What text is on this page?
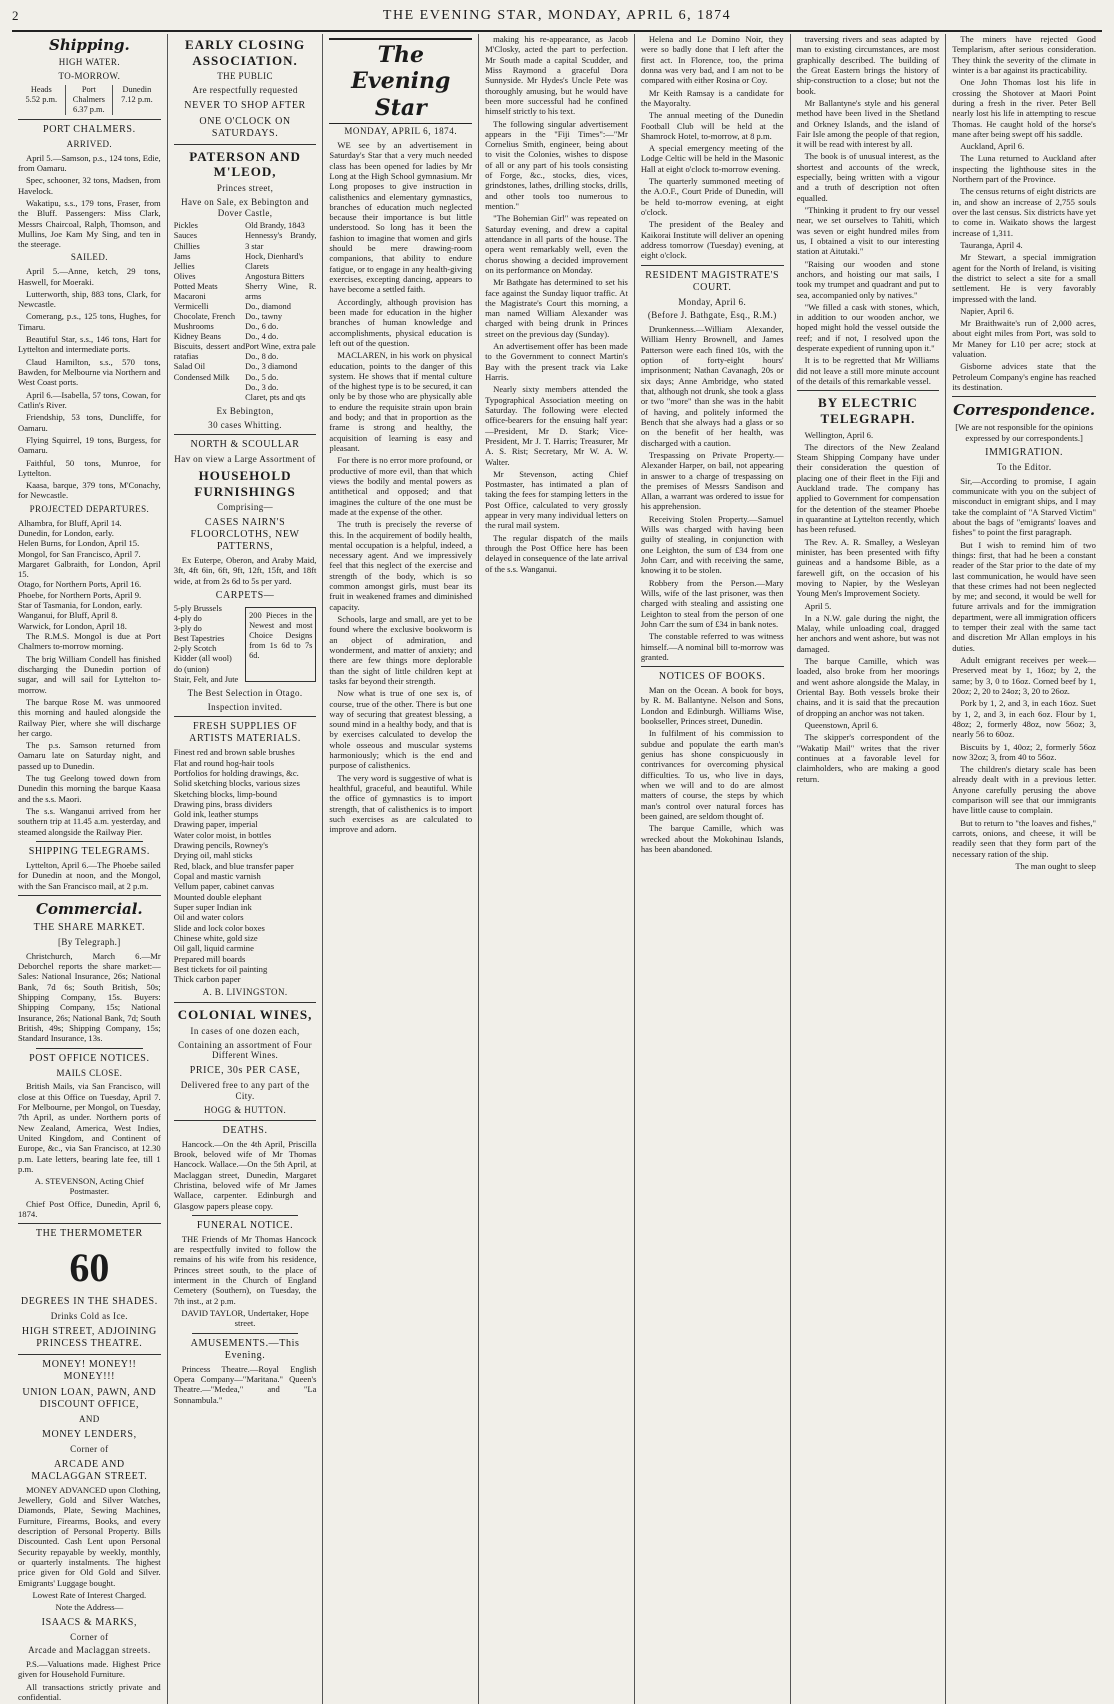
2	THE EVENING STAR, MONDAY, APRIL 6, 1874
Shipping.
HIGH WATER.
TO-MORROW.
Heads
5.52 p.m.
Port Chalmers
6.37 p.m.
Dunedin
7.12 p.m.
PORT CHALMERS.
ARRIVED.

April 5.—Samson, p.s., 124 tons, Edie, from Oamaru.

Spec, schooner, 32 tons, Madsen, from Havelock.

Wakatipu, s.s., 179 tons, Fraser, from the Bluff. Passengers: Miss Clark, Messrs Chaircoal, Ralph, Thomson, and Mullins, Joe Kam My Sing, and ten in the steerage.

SAILED.

April 5.—Anne, ketch, 29 tons, Haswell, for Moeraki.

Lutterworth, ship, 883 tons, Clark, for Newcastle.

Comerang, p.s., 125 tons, Hughes, for Timaru.

Beautiful Star, s.s., 146 tons, Hart for Lyttelton and intermediate ports.

Claud Hamilton, s.s., 570 tons, Bawden, for Melbourne via Northern and West Coast ports.

April 6.—Isabella, 57 tons, Cowan, for Catlin's River.

Friendship, 53 tons, Duncliffe, for Oamaru.

Flying Squirrel, 19 tons, Burgess, for Oamaru.

Faithful, 50 tons, Munroe, for Lyttelton.

Kaasa, barque, 379 tons, M'Conachy, for Newcastle.

PROJECTED DEPARTURES.
Alhambra, for Bluff, April 14.
Dunedin, for London, early.
Helen Burns, for London, April 15.
Mongol, for San Francisco, April 7.
Margaret Galbraith, for London, April 15.
Otago, for Northern Ports, April 16.
Phoebe, for Northern Ports, April 9.
Star of Tasmania, for London, early.
Wanganui, for Bluff, April 8.
Warwick, for London, April 18.

The R.M.S. Mongol is due at Port Chalmers to-morrow morning.

The brig William Condell has finished discharging the Dunedin portion of sugar, and will sail for Lyttelton to-morrow.

The barque Rose M. was unmoored this morning and hauled alongside the Railway Pier, where she will discharge her cargo.

The p.s. Samson returned from Oamaru late on Saturday night, and passed up to Dunedin.

The tug Geelong towed down from Dunedin this morning the barque Kaasa and the s.s. Maori.

The s.s. Wanganui arrived from her southern trip at 11.45 a.m. yesterday, and steamed alongside the Railway Pier.

SHIPPING TELEGRAMS.

Lyttelton, April 6.—The Phoebe sailed for Dunedin at noon, and the Mongol, with the San Francisco mail, at 2 p.m.

Commercial.
THE SHARE MARKET.
[By Telegraph.]

Christchurch, March 6.—Mr Deborchel reports the share market:—Sales: National Insurance, 26s; National Bank, 7d 6s; South British, 50s; Shipping Company, 15s. Buyers: Shipping Company, 15s; National Insurance, 26s; National Bank, 7d; South British, 49s; Shipping Company, 15s; Standard Insurance, 13s.

POST OFFICE NOTICES.
MAILS CLOSE.

British Mails, via San Francisco, will close at this Office on Tuesday, April 7. For Melbourne, per Mongol, on Tuesday, 7th April, as under. Northern ports of New Zealand, America, West Indies, United Kingdom, and Continent of Europe, &c., via San Francisco, at 12.30 p.m. Late letters, bearing late fee, till 1 p.m.

A. STEVENSON, Acting Chief Postmaster.

Chief Post Office, Dunedin, April 6, 1874.

THE THERMOMETER
60
DEGREES IN THE SHADES.
Drinks Cold as Ice.
HIGH STREET, ADJOINING PRINCESS THEATRE.
MONEY! MONEY!! MONEY!!!
UNION LOAN, PAWN, AND DISCOUNT OFFICE,
AND
MONEY LENDERS,
Corner of
ARCADE AND MACLAGGAN STREET.

MONEY ADVANCED upon Clothing, Jewellery, Gold and Silver Watches, Diamonds, Plate, Sewing Machines, Furniture, Firearms, Books, and every description of Personal Property. Bills Discounted. Cash Lent upon Personal Security repayable by weekly, monthly, or quarterly instalments. The highest price given for Old Gold and Silver. Emigrants' Luggage bought.

Lowest Rate of Interest Charged.

Note the Address—

ISAACS & MARKS,
Corner of
Arcade and Maclaggan streets.

P.S.—Valuations made. Highest Price given for Household Furniture.

All transactions strictly private and confidential.

EARLY CLOSING ASSOCIATION.
THE PUBLIC
Are respectfully requested
NEVER TO SHOP AFTER
ONE O'CLOCK ON SATURDAYS.
PATERSON AND M'LEOD,
Princes street,
Have on Sale, ex Bebington and Dover Castle,
Pickles
Sauces
Chillies
Jams
Jellies
Olives
Potted Meats
Macaroni
Vermicelli
Chocolate, French
Mushrooms
Kidney Beans
Biscuits, dessert and ratafias
Salad Oil
Condensed Milk
Old Brandy, 1843
Hennessy's Brandy, 3 star
Hock, Dienhard's
Clarets
Angostura Bitters
Sherry Wine, R. arms
Do., diamond
Do., tawny
Do., 6 do.
Do., 4 do.
Port Wine, extra pale
Do., 8 do.
Do., 3 diamond
Do., 5 do.
Do., 3 do.
Claret, pts and qts
Ex Bebington,
30 cases Whitting.
NORTH & SCOULLAR
Hav on view a Large Assortment of
HOUSEHOLD FURNISHINGS
Comprising—
CASES NAIRN'S FLOORCLOTHS, NEW PATTERNS,

Ex Euterpe, Oberon, and Araby Maid, 3ft, 4ft 6in, 6ft, 9ft, 12ft, 15ft, and 18ft wide, at from 2s 6d to 5s per yard.

CARPETS—
5-ply Brussels
4-ply do
3-ply do
Best Tapestries
2-ply Scotch
Kidder (all wool)
do (union)
Stair, Felt, and Jute
200 Pieces in the Newest and most Choice Designs from 1s 6d to 7s 6d.
The Best Selection in Otago.
Inspection invited.
FRESH SUPPLIES OF ARTISTS MATERIALS.
Finest red and brown sable brushes
Flat and round hog-hair tools
Portfolios for holding drawings, &c.
Solid sketching blocks, various sizes
Sketching blocks, limp-bound
Drawing pins, brass dividers
Gold ink, leather stumps
Drawing paper, imperial
Water color moist, in bottles
Drawing pencils, Rowney's
Drying oil, mahl sticks
Red, black, and blue transfer paper
Copal and mastic varnish
Vellum paper, cabinet canvas
Mounted double elephant
Super super Indian ink
Oil and water colors
Slide and lock color boxes
Chinese white, gold size
Oil gall, liquid carmine
Prepared mill boards
Best tickets for oil painting
Thick carbon paper
A. B. LIVINGSTON.
COLONIAL WINES,
In cases of one dozen each,
Containing an assortment of Four Different Wines.
PRICE, 30s PER CASE,
Delivered free to any part of the City.
HOGG & HUTTON.
DEATHS.

Hancock.—On the 4th April, Priscilla Brook, beloved wife of Mr Thomas Hancock. Wallace.—On the 5th April, at Maclaggan street, Dunedin, Margaret Christina, beloved wife of Mr James Wallace, carpenter. Edinburgh and Glasgow papers please copy.

FUNERAL NOTICE.

THE Friends of Mr Thomas Hancock are respectfully invited to follow the remains of his wife from his residence, Princes street south, to the place of interment in the Church of England Cemetery (Southern), on Tuesday, the 7th inst., at 2 p.m.

DAVID TAYLOR, Undertaker, Hope street.

AMUSEMENTS.—This Evening.

Princess Theatre.—Royal English Opera Company—"Maritana." Queen's Theatre.—"Medea," and "La Sonnambula."

The Evening Star
MONDAY, APRIL 6, 1874.

WE see by an advertisement in Saturday's Star that a very much needed class has been opened for ladies by Mr Long at the High School gymnasium. Mr Long proposes to give instruction in calisthenics and elementary gymnastics, branches of education much neglected because their importance is but little understood. So long has it been the fashion to imagine that women and girls should be mere drawing-room companions, that ability to endure fatigue, or to engage in any health-giving exercises, excepting dancing, appears to have become a settled faith.

Accordingly, although provision has been made for education in the higher branches of human knowledge and accomplishments, physical education is left out of the question.

MACLAREN, in his work on physical education, points to the danger of this system. He shows that if mental culture of the highest type is to be secured, it can only be by those who are physically able to endure the requisite strain upon brain and body; and that in proportion as the frame is strong and healthy, the acquisition of learning is easy and pleasant.

For there is no error more profound, or productive of more evil, than that which views the bodily and mental powers as antithetical and opposed; and that imagines the culture of the one must be made at the expense of the other.

The truth is precisely the reverse of this. In the acquirement of bodily health, mental occupation is a helpful, indeed, a necessary agent. And we impressively feel that this neglect of the exercise and strength of the body, which is so common amongst girls, must bear its fruit in weakened frames and diminished capacity.

Schools, large and small, are yet to be found where the exclusive bookworm is an object of admiration, and wonderment, and matter of anxiety; and there are few things more deplorable than the sight of little children kept at tasks far beyond their strength.

Now what is true of one sex is, of course, true of the other. There is but one way of securing that greatest blessing, a sound mind in a healthy body, and that is by exercises calculated to develop the whole osseous and muscular systems harmoniously; which is the end and purpose of calisthenics.

The very word is suggestive of what is healthful, graceful, and beautiful. While the office of gymnastics is to import strength, that of calisthenics is to import such exercises as are calculated to improve and adorn.

making his re-appearance, as Jacob M'Closky, acted the part to perfection. Mr South made a capital Scudder, and Miss Raymond a graceful Dora Sunnyside. Mr Hydes's Uncle Pete was thoroughly amusing, but he would have been more successful had he confined himself strictly to his text.

The following singular advertisement appears in the "Fiji Times":—"Mr Cornelius Smith, engineer, being about to visit the Colonies, wishes to dispose of all or any part of his tools consisting of Forge, &c., stocks, dies, vices, grindstones, lathes, drilling stocks, drills, and other tools too numerous to mention."

"The Bohemian Girl" was repeated on Saturday evening, and drew a capital attendance in all parts of the house. The opera went remarkably well, even the chorus showing a decided improvement on its performance on Monday.

Mr Bathgate has determined to set his face against the Sunday liquor traffic. At the Magistrate's Court this morning, a man named William Alexander was charged with being drunk in Princes street on the previous day (Sunday).

An advertisement offer has been made to the Government to connect Martin's Bay with the present track via Lake Harris.

Nearly sixty members attended the Typographical Association meeting on Saturday. The following were elected office-bearers for the ensuing half year:—President, Mr D. Stark; Vice-President, Mr J. T. Harris; Treasurer, Mr A. S. Rist; Secretary, Mr W. A. W. Walter.

Mr Stevenson, acting Chief Postmaster, has intimated a plan of taking the fees for stamping letters in the Post Office, calculated to very grossly appear in very many individual letters on the rural mail system.

The regular dispatch of the mails through the Post Office here has been delayed in consequence of the late arrival of the s.s. Wanganui.

Helena and Le Domino Noir, they were so badly done that I left after the first act. In Florence, too, the prima donna was very bad, and I am not to be compared with either Rosina or Coy.

Mr Keith Ramsay is a candidate for the Mayoralty.

The annual meeting of the Dunedin Football Club will be held at the Shamrock Hotel, to-morrow, at 8 p.m.

A special emergency meeting of the Lodge Celtic will be held in the Masonic Hall at eight o'clock to-morrow evening.

The quarterly summoned meeting of the A.O.F., Court Pride of Dunedin, will be held to-morrow evening, at eight o'clock.

The president of the Bealey and Kaikorai Institute will deliver an opening address tomorrow (Tuesday) evening, at eight o'clock.

RESIDENT MAGISTRATE'S COURT.
Monday, April 6.
(Before J. Bathgate, Esq., R.M.)

Drunkenness.—William Alexander, William Henry Brownell, and James Patterson were each fined 10s, with the option of forty-eight hours' imprisonment; Nathan Cavanagh, 20s or six days; Anne Ambridge, who stated that, although not drunk, she took a glass or two "more" than she was in the habit of having, and politely informed the Bench that she always had a glass or so on the benefit of her health, was discharged with a caution.

Trespassing on Private Property.—Alexander Harper, on bail, not appearing in answer to a charge of trespassing on the premises of Messrs Sandison and Allan, a warrant was ordered to issue for his apprehension.

Receiving Stolen Property.—Samuel Wills was charged with having been guilty of stealing, in conjunction with one Leighton, the sum of £34 from one John Carr, and with receiving the same, knowing it to be stolen.

Robbery from the Person.—Mary Wills, wife of the last prisoner, was then charged with stealing and assisting one Leighton to steal from the person of one John Carr the sum of £34 in bank notes.

The constable referred to was witness himself.—A nominal bill to-morrow was granted.

NOTICES OF BOOKS.

Man on the Ocean. A book for boys, by R. M. Ballantyne. Nelson and Sons, London and Edinburgh. Williams Wise, bookseller, Princes street, Dunedin.

In fulfilment of his commission to subdue and populate the earth man's genius has shone conspicuously in contrivances for overcoming physical difficulties. To us, who live in days, when we will and to do are almost matters of course, the steps by which man's control over natural forces has been gained, are seldom thought of.

The barque Camille, which was wrecked about the Mokohinau Islands, has been abandoned.

traversing rivers and seas adapted by man to existing circumstances, are most graphically described. The building of the Great Eastern brings the history of ship-construction to a close; but not the book.

Mr Ballantyne's style and his general method have been lived in the Shetland and Orkney Islands, and the island of Fair Isle among the people of that region, it will be read with interest by all.

The book is of unusual interest, as the shortest and accounts of the wreck, especially, being written with a vigour and a truth of description not often equalled.

"Thinking it prudent to fry our vessel near, we set ourselves to Tahiti, which was seven or eight hundred miles from us, I obtained a visit to our interesting station at Aitutaki."

"Raising our wooden and stone anchors, and hoisting our mat sails, I took my trumpet and quadrant and put to sea, accompanied only by natives."

"We filled a cask with stones, which, in addition to our wooden anchor, we hoped might hold the vessel outside the reef; and if not, I resolved upon the desperate expedient of running upon it."

It is to be regretted that Mr Williams did not leave a still more minute account of the details of this remarkable vessel.

BY ELECTRIC TELEGRAPH.

Wellington, April 6.

The directors of the New Zealand Steam Shipping Company have under their consideration the question of placing one of their fleet in the Fiji and Auckland trade. The company has applied to Government for compensation for the detention of the steamer Phoebe in quarantine at Lyttelton recently, which has been refused.

The Rev. A. R. Smalley, a Wesleyan minister, has been presented with fifty guineas and a handsome Bible, as a farewell gift, on the occasion of his moving to Napier, by the Wesleyan Young Men's Improvement Society.

April 5.

In a N.W. gale during the night, the Malay, while unloading coal, dragged her anchors and went ashore, but was not damaged.

The barque Camille, which was loaded, also broke from her moorings and went ashore alongside the Malay, in Oriental Bay. Both vessels broke their chains, and it is said that the precaution of dropping an anchor was not taken.

Queenstown, April 6.

The skipper's correspondent of the "Wakatip Mail" writes that the river continues at a favorable level for claimholders, who are making a good return.

The miners have rejected Good Templarism, after serious consideration. They think the severity of the climate in winter is a bar against its practicability.

One John Thomas lost his life in crossing the Shotover at Maori Point during a fresh in the river. Peter Bell nearly lost his life in attempting to rescue Thomas. He caught hold of the horse's mane after being swept off his saddle.

Auckland, April 6.

The Luna returned to Auckland after inspecting the lighthouse sites in the Northern part of the Province.

The census returns of eight districts are in, and show an increase of 2,755 souls over the last census. Six districts have yet to come in. Waikato shows the largest increase of 1,311.

Tauranga, April 4.

Mr Stewart, a special immigration agent for the North of Ireland, is visiting the district to select a site for a small settlement. He is very favorably impressed with the land.

Napier, April 6.

Mr Braithwaite's run of 2,000 acres, about eight miles from Port, was sold to Mr Maney for L10 per acre; stock at valuation.

Gisborne advices state that the Petroleum Company's engine has reached its destination.

Correspondence.

[We are not responsible for the opinions expressed by our correspondents.]

IMMIGRATION.
To the Editor.

Sir,—According to promise, I again communicate with you on the subject of misconduct in emigrant ships, and I may take the complaint of "A Starved Victim" about the bags of "emigrants' loaves and fishes" to point the first paragraph.

But I wish to remind him of two things: first, that had he been a constant reader of the Star prior to the date of my last communication, he would have seen that these crimes had not been neglected by me; and second, it would be well for future arrivals and for the immigration department, were all immigration officers to temper their zeal with the same tact and discretion Mr Allan employs in his duties.

Adult emigrant receives per week—Preserved meat by 1, 16oz; by 2, the same; by 3, 0 to 16oz. Corned beef by 1, 20oz; 2, 20 to 24oz; 3, 20 to 26oz.

Pork by 1, 2, and 3, in each 16oz. Suet by 1, 2, and 3, in each 6oz. Flour by 1, 48oz; 2, formerly 48oz, now 56oz; 3, nearly 56 to 60oz.

Biscuits by 1, 40oz; 2, formerly 56oz now 32oz; 3, from 40 to 56oz.

The children's dietary scale has been already dealt with in a previous letter. Anyone carefully perusing the above comparison will see that our immigrants have little cause to complain.

But to return to "the loaves and fishes," carrots, onions, and cheese, it will be readily seen that they form part of the necessary ration of the ship.

The man ought to sleep
